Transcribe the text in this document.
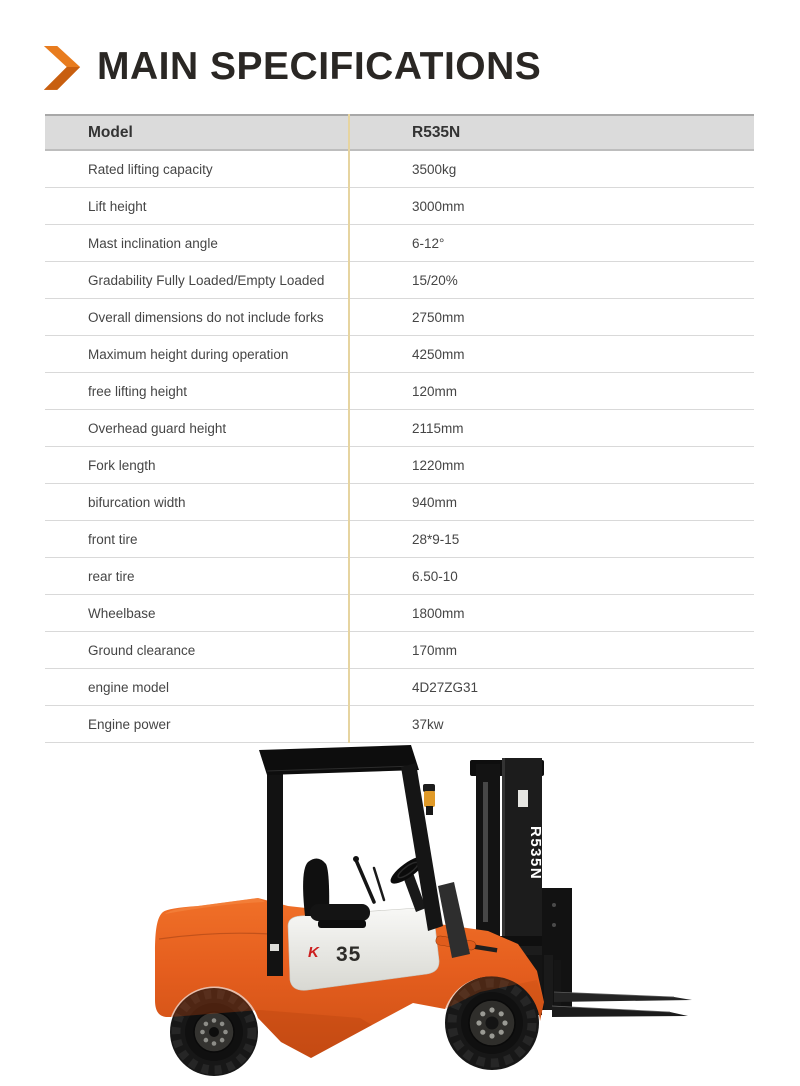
MAIN SPECIFICATIONS
Model	R535N
Rated lifting capacity	3500kg
Lift height	3000mm
Mast inclination angle	6-12°
Gradability Fully Loaded/Empty Loaded	15/20%
Overall dimensions do not include forks	2750mm
Maximum height during operation	4250mm
free lifting height	120mm
Overhead guard height	2115mm
Fork length	1220mm
bifurcation width	940mm
front tire	28*9-15
rear tire	6.50-10
Wheelbase	1800mm
Ground clearance	170mm
engine model	4D27ZG31
Engine power	37kw
R535N
K 35
